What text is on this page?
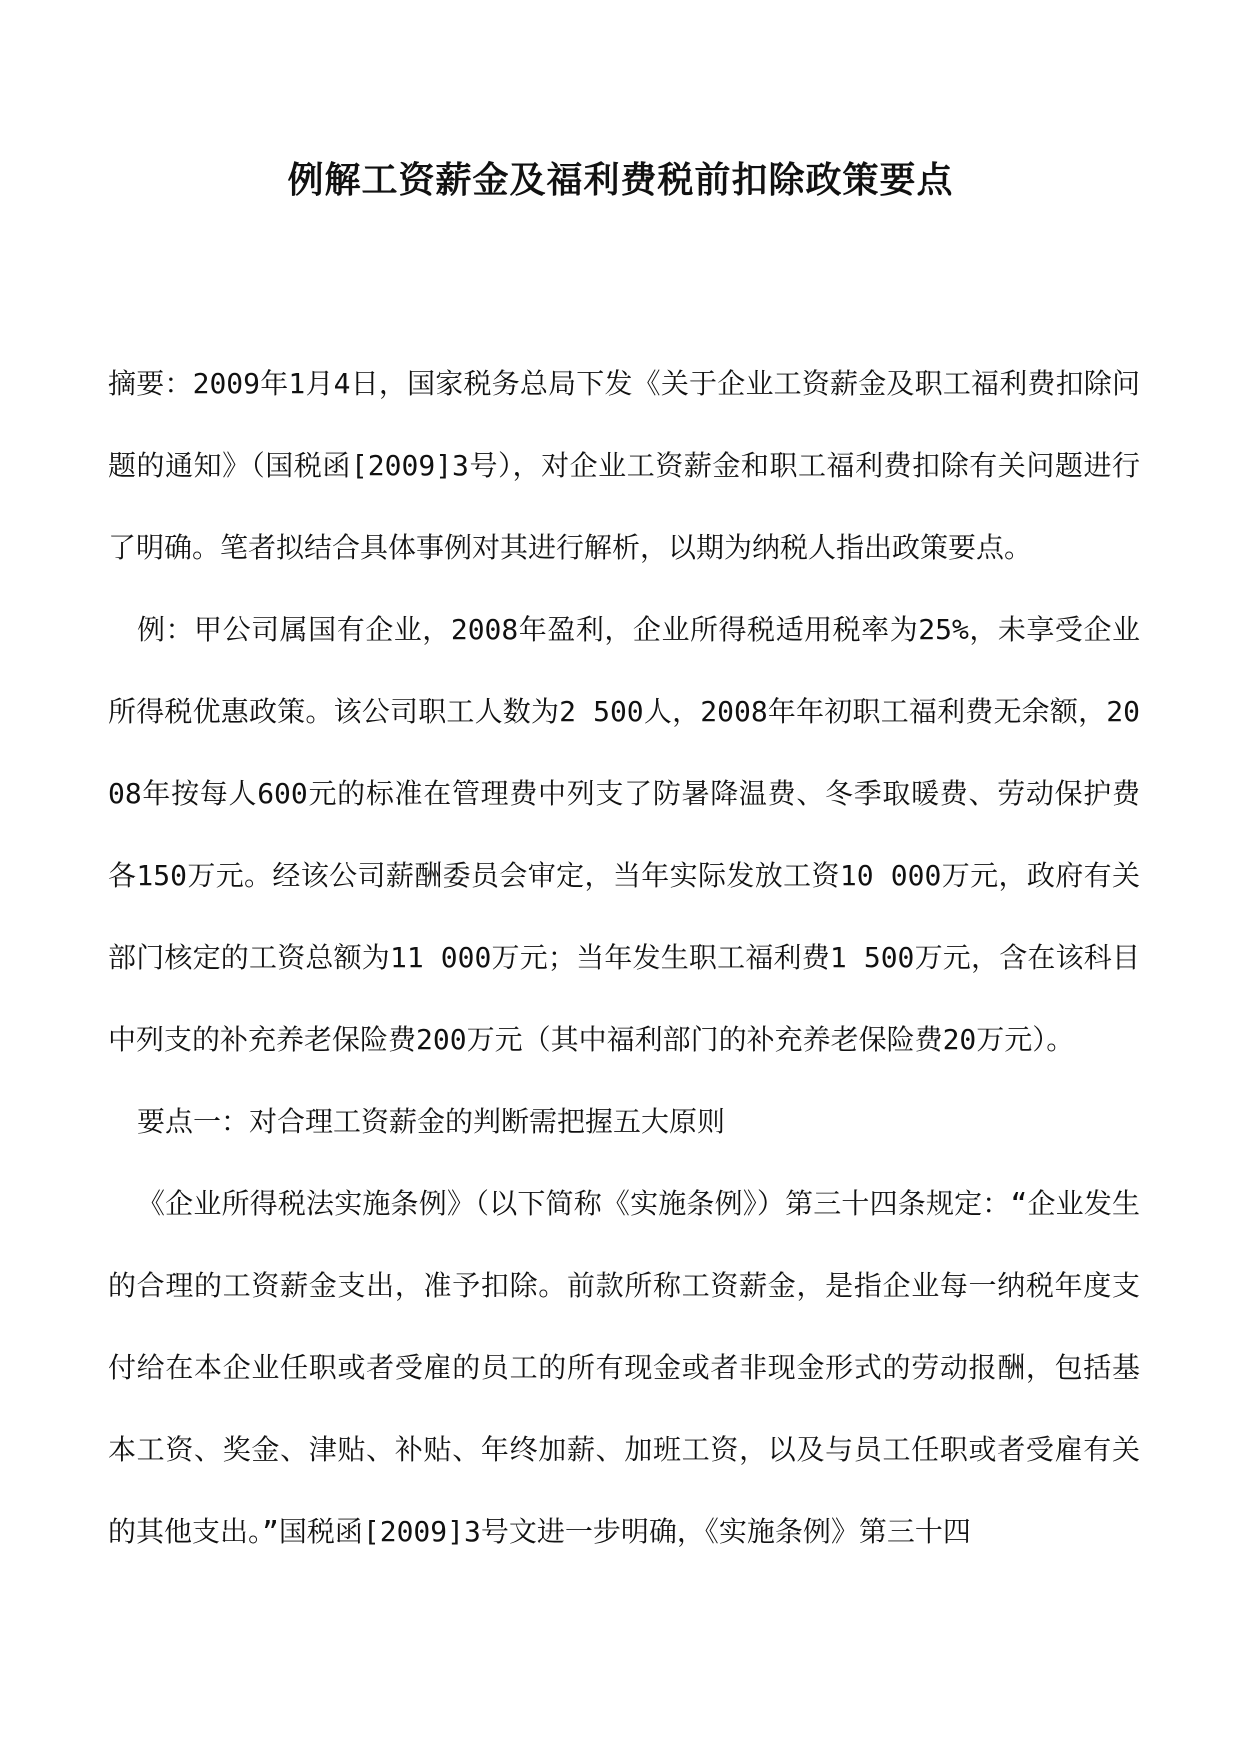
例解工资薪金及福利费税前扣除政策要点

摘要：2009年1月4日，国家税务总局下发《关于企业工资薪金及职工福利费扣除问题的通知》（国税函[2009]3号），对企业工资薪金和职工福利费扣除有关问题进行了明确。笔者拟结合具体事例对其进行解析，以期为纳税人指出政策要点。

例：甲公司属国有企业，2008年盈利，企业所得税适用税率为25%，未享受企业所得税优惠政策。该公司职工人数为2 500人，2008年年初职工福利费无余额，2008年按每人600元的标准在管理费中列支了防暑降温费、冬季取暖费、劳动保护费各150万元。经该公司薪酬委员会审定，当年实际发放工资10 000万元，政府有关部门核定的工资总额为11 000万元；当年发生职工福利费1 500万元，含在该科目中列支的补充养老保险费200万元（其中福利部门的补充养老保险费20万元）。

要点一：对合理工资薪金的判断需把握五大原则

《企业所得税法实施条例》（以下简称《实施条例》）第三十四条规定：“企业发生的合理的工资薪金支出，准予扣除。前款所称工资薪金，是指企业每一纳税年度支付给在本企业任职或者受雇的员工的所有现金或者非现金形式的劳动报酬，包括基本工资、奖金、津贴、补贴、年终加薪、加班工资，以及与员工任职或者受雇有关的其他支出。”国税函[2009]3号文进一步明确，《实施条例》第三十四
